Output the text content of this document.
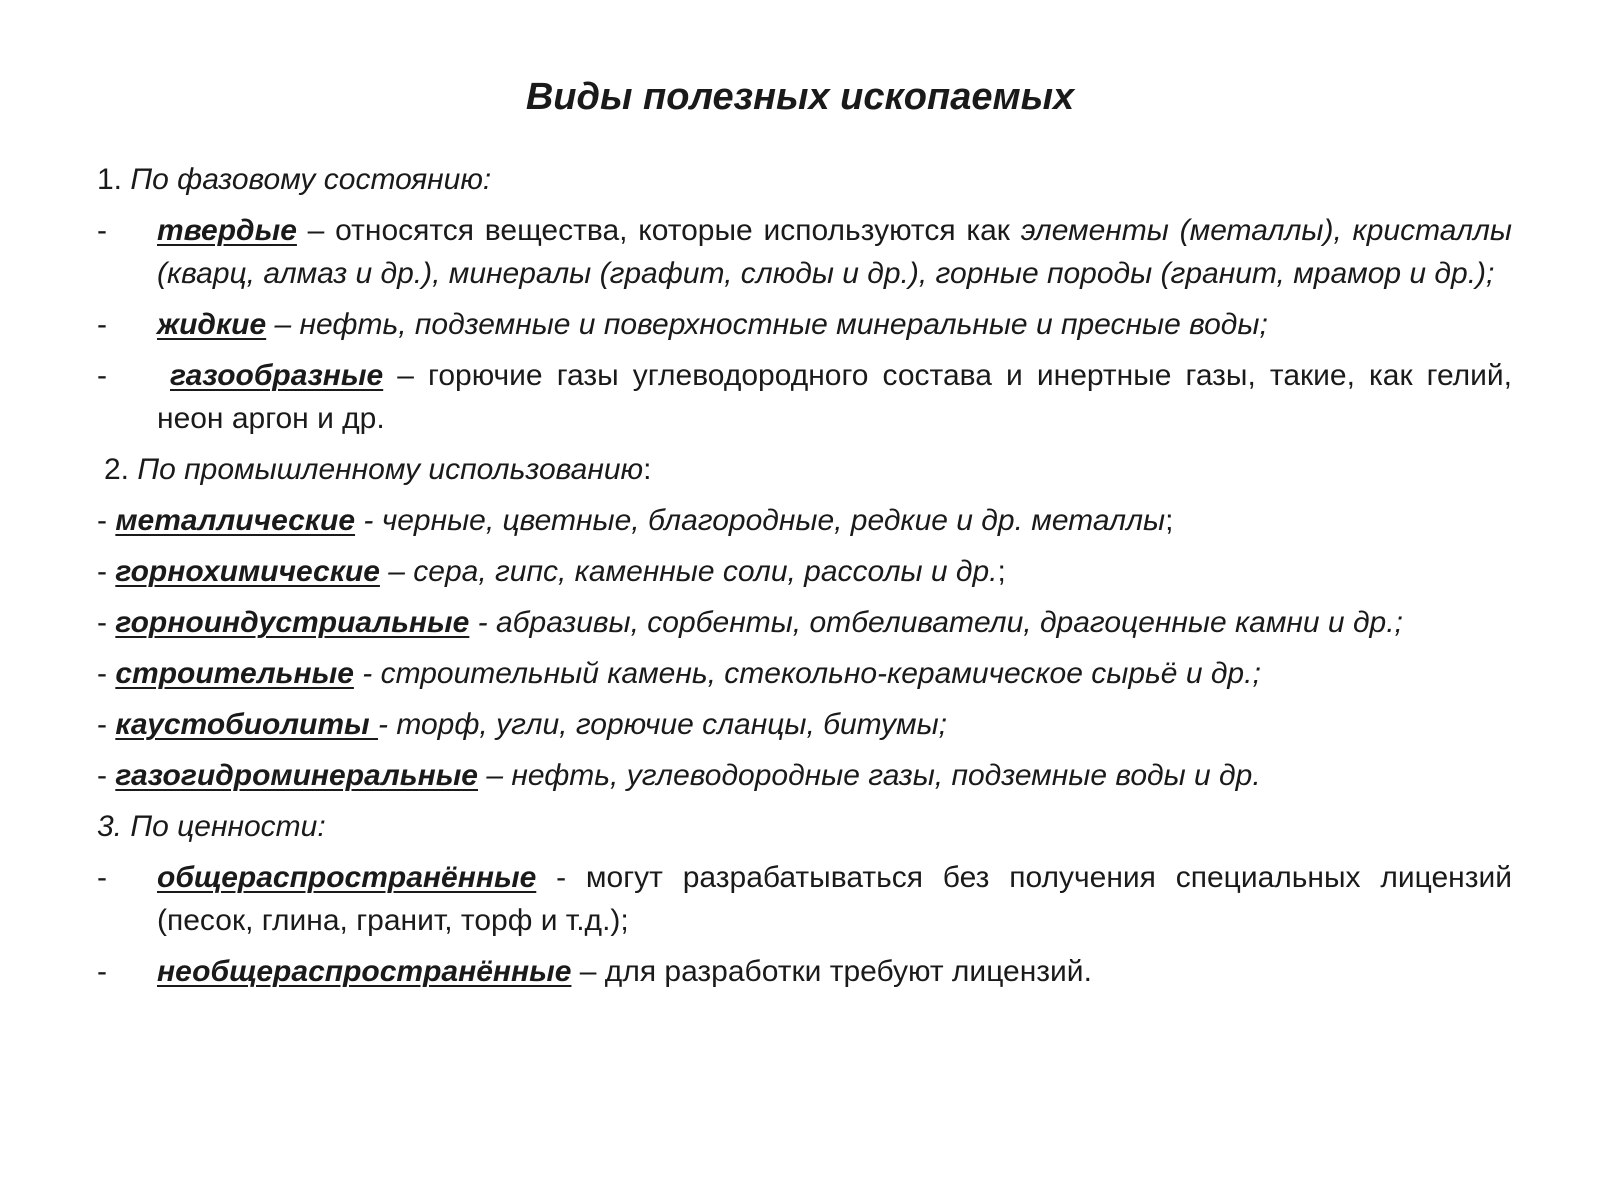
Виды полезных ископаемых
1. По фазовому состоянию:
-	твердые – относятся вещества, которые используются как элементы (металлы), кристаллы (кварц, алмаз и др.), минералы (графит, слюды и др.), горные породы (гранит, мрамор и др.);
-	жидкие – нефть, подземные и поверхностные минеральные и пресные воды;
-	газообразные – горючие газы углеводородного состава и инертные газы, такие, как гелий, неон аргон и др.
2. По промышленному использованию:
- металлические - черные, цветные, благородные, редкие и др. металлы;
- горнохимические – сера, гипс, каменные соли, рассолы и др.;
- горноиндустриальные - абразивы, сорбенты, отбеливатели, драгоценные камни и др.;
- строительные - строительный камень, стекольно-керамическое сырьё и др.;
- каустобиолиты - торф, угли, горючие сланцы, битумы;
- газогидроминеральные – нефть, углеводородные газы, подземные воды и др.
3. По ценности:
-	общераспространённые - могут разрабатываться без получения специальных лицензий (песок, глина, гранит, торф и т.д.);
-	необщераспространённые – для разработки требуют лицензий.
